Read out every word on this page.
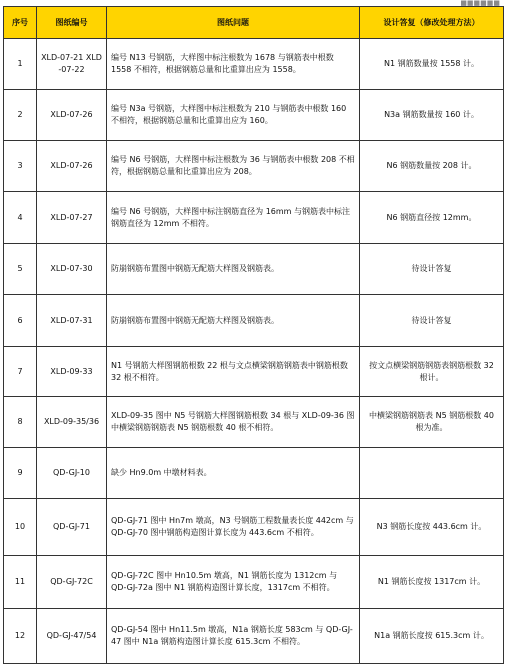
■■■■■■
序号	图纸编号	图纸问题	设计答复（修改处理方法）
1	XLD-07-21 XLD-07-22	编号 N13 号钢筋，大样图中标注根数为 1678 与钢筋表中根数 1558 不相符，根据钢筋总量和比重算出应为 1558。	N1 钢筋数量按 1558 计。
2	XLD-07-26	编号 N3a 号钢筋，大样图中标注根数为 210 与钢筋表中根数 160 不相符，根据钢筋总量和比重算出应为 160。	N3a 钢筋数量按 160 计。
3	XLD-07-26	编号 N6 号钢筋，大样图中标注根数为 36 与钢筋表中根数 208 不相符，根据钢筋总量和比重算出应为 208。	N6 钢筋数量按 208 计。
4	XLD-07-27	编号 N6 号钢筋，大样图中标注钢筋直径为 16mm 与钢筋表中标注钢筋直径为 12mm 不相符。	N6 钢筋直径按 12mm。
5	XLD-07-30	防崩钢筋布置图中钢筋无配筋大样图及钢筋表。	待设计答复
6	XLD-07-31	防崩钢筋布置图中钢筋无配筋大样图及钢筋表。	待设计答复
7	XLD-09-33	N1 号钢筋大样图钢筋根数 22 根与文点横梁钢筋钢筋表中钢筋根数 32 根不相符。	按文点横梁钢筋钢筋表钢筋根数 32 根计。
8	XLD-09-35/36	XLD-09-35 图中 N5 号钢筋大样图钢筋根数 34 根与 XLD-09-36 图中横梁钢筋钢筋表 N5 钢筋根数 40 根不相符。	中横梁钢筋钢筋表 N5 钢筋根数 40 根为准。
9	QD-GJ-10	缺少 Hn9.0m 中墩材料表。	
10	QD-GJ-71	QD-GJ-71 图中 Hn7m 墩高，N3 号钢筋工程数量表长度 442cm 与 QD-GJ-70 图中钢筋构造图计算长度为 443.6cm 不相符。	N3 钢筋长度按 443.6cm 计。
11	QD-GJ-72C	QD-GJ-72C 图中 Hn10.5m 墩高，N1 钢筋长度为 1312cm 与 QD-GJ-72a 图中 N1 钢筋构造图计算长度，1317cm 不相符。	N1 钢筋长度按 1317cm 计。
12	QD-GJ-47/54	QD-GJ-54 图中 Hn11.5m 墩高，N1a 钢筋长度 583cm 与 QD-GJ-47 图中 N1a 钢筋构造图计算长度 615.3cm 不相符。	N1a 钢筋长度按 615.3cm 计。
